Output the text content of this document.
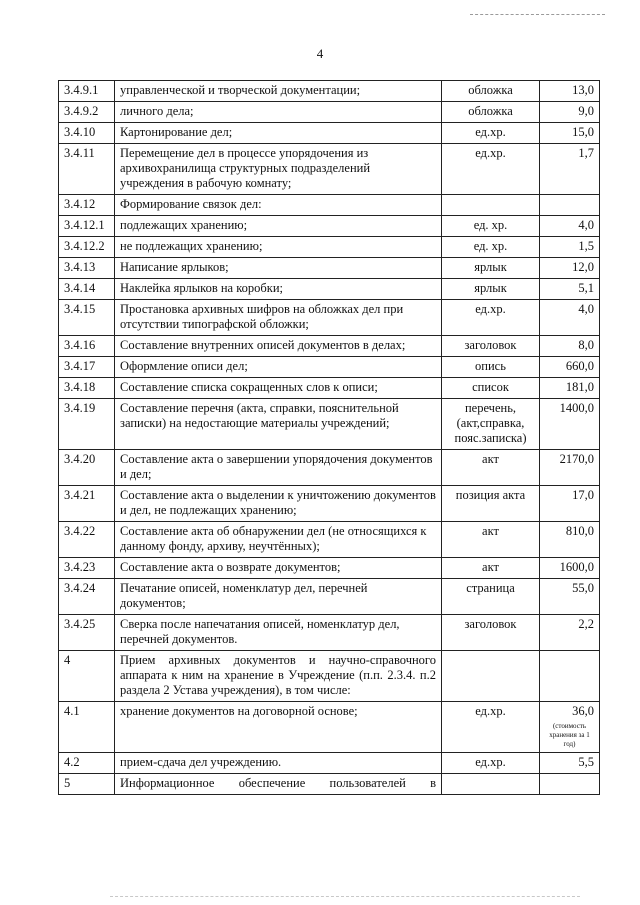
4
3.4.9.1	управленческой и творческой документации;	обложка	13,0
3.4.9.2	личного дела;	обложка	9,0
3.4.10	Картонирование дел;	ед.хр.	15,0
3.4.11	Перемещение дел в процессе упорядочения из архивохранилища структурных подразделений учреждения в рабочую комнату;	ед.хр.	1,7
3.4.12	Формирование связок дел:		
3.4.12.1	подлежащих хранению;	ед. хр.	4,0
3.4.12.2	не подлежащих хранению;	ед. хр.	1,5
3.4.13	Написание ярлыков;	ярлык	12,0
3.4.14	Наклейка ярлыков на коробки;	ярлык	5,1
3.4.15	Простановка архивных шифров на обложках дел при отсутствии типографской обложки;	ед.хр.	4,0
3.4.16	Составление внутренних описей документов в делах;	заголовок	8,0
3.4.17	Оформление описи дел;	опись	660,0
3.4.18	Составление списка сокращенных слов к описи;	список	181,0
3.4.19	Составление перечня (акта, справки, пояснительной записки) на недостающие материалы учреждений;	перечень, (акт,справка, пояс.записка)	1400,0
3.4.20	Составление акта о завершении упорядочения документов и дел;	акт	2170,0
3.4.21	Составление акта о выделении к уничтожению документов и дел, не подлежащих хранению;	позиция акта	17,0
3.4.22	Составление акта об обнаружении дел (не относящихся к данному фонду, архиву, неучтённых);	акт	810,0
3.4.23	Составление акта о возврате документов;	акт	1600,0
3.4.24	Печатание описей, номенклатур дел, перечней документов;	страница	55,0
3.4.25	Сверка после напечатания описей, номенклатур дел, перечней документов.	заголовок	2,2
4	Прием архивных документов и научно-справочного аппарата к ним на хранение в Учреждение (п.п. 2.3.4. п.2 раздела 2 Устава учреждения), в том числе:		
4.1	хранение документов на договорной основе;	ед.хр.	36,0
(стоимость хранения за 1 год)

4.2	прием-сдача дел учреждению.	ед.хр.	5,5
5	Информационное обеспечение пользователей в		
